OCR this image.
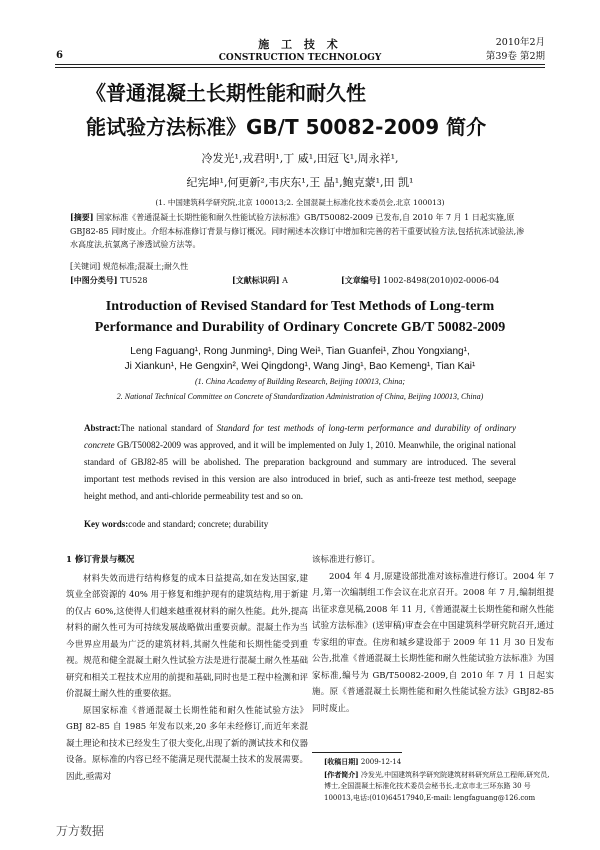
6
施 工 技 术
CONSTRUCTION TECHNOLOGY
2010年2月
第39卷 第2期
《普通混凝土长期性能和耐久性
能试验方法标准》GB/T 50082-2009 简介
冷发光¹,戎君明¹,丁 威¹,田冠飞¹,周永祥¹,
纪宪坤¹,何更新²,韦庆东¹,王 晶¹,鲍克蒙¹,田 凯¹
(1. 中国建筑科学研究院,北京 100013;2. 全国混凝土标准化技术委员会,北京 100013)
[摘要] 国家标准《普通混凝土长期性能和耐久性能试验方法标准》GB/T50082-2009 已发布,自 2010 年 7 月 1 日起实施,原 GBJ82-85 同时废止。介绍本标准修订背景与修订概况。同时阐述本次修订中增加和完善的若干重要试验方法,包括抗冻试验法,渗水高度法,抗氯离子渗透试验方法等。
[关键词] 规范标准;混凝土;耐久性
[中图分类号] TU528	[文献标识码] A	[文章编号] 1002-8498(2010)02-0006-04
Introduction of Revised Standard for Test Methods of Long-term
Performance and Durability of Ordinary Concrete GB/T 50082-2009
Leng Faguang¹, Rong Junming¹, Ding Wei¹, Tian Guanfei¹, Zhou Yongxiang¹,
Ji Xiankun¹, He Gengxin², Wei Qingdong¹, Wang Jing¹, Bao Kemeng¹, Tian Kai¹
(1. China Academy of Building Research, Beijing 100013, China;
2. National Technical Committee on Concrete of Standardization Administration of China, Beijing 100013, China)
Abstract:The national standard of Standard for test methods of long-term performance and durability of ordinary concrete GB/T50082-2009 was approved, and it will be implemented on July 1, 2010. Meanwhile, the original national standard of GBJ82-85 will be abolished. The preparation background and summary are introduced. The several important test methods revised in this version are also introduced in brief, such as anti-freeze test method, seepage height method, and anti-chloride permeability test and so on.
Key words:code and standard; concrete; durability
1 修订背景与概况

材料失效而进行结构修复的成本日益提高,如在发达国家,建筑业全部资源的 40% 用于修复和维护现有的建筑结构,用于新建的仅占 60%,这使得人们越来越重视材料的耐久性能。此外,提高材料的耐久性可为可持续发展战略做出重要贡献。混凝土作为当今世界应用最为广泛的建筑材料,其耐久性能和长期性能受到重视。规范和健全混凝土耐久性试验方法是进行混凝土耐久性基础研究和相关工程技术应用的前提和基础,同时也是工程中检测和评价混凝土耐久性的重要依据。

原国家标准《普通混凝土长期性能和耐久性能试验方法》GBJ 82-85 自 1985 年发布以来,20 多年未经修订,而近年来混凝土理论和技术已经发生了很大变化,出现了新的测试技术和仪器设备。原标准的内容已经不能满足现代混凝土技术的发展需要。因此,亟需对

该标准进行修订。

2004 年 4 月,原建设部批准对该标准进行修订。2004 年 7 月,第一次编制组工作会议在北京召开。2008 年 7 月,编制组提出征求意见稿,2008 年 11 月,《普通混凝土长期性能和耐久性能试验方法标准》(送审稿)审查会在中国建筑科学研究院召开,通过专家组的审查。住房和城乡建设部于 2009 年 11 月 30 日发布公告,批准《普通混凝土长期性能和耐久性能试验方法标准》为国家标准,编号为 GB/T50082-2009,自 2010 年 7 月 1 日起实施。原《普通混凝土长期性能和耐久性能试验方法》GBJ82-85 同时废止。

[收稿日期] 2009-12-14
[作者简介] 冷发光,中国建筑科学研究院建筑材料研究所总工程师,研究员,博士,全国混凝土标准化技术委员会秘书长,北京市北三环东路 30 号 100013,电话:(010)64517940,E-mail: lengfaguang@126.com
万方数据
